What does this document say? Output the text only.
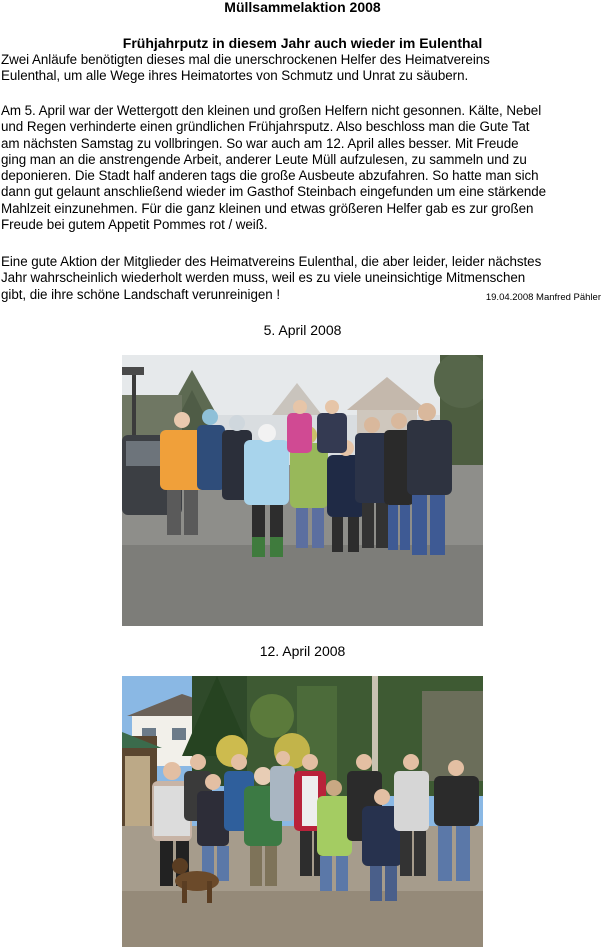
Müllsammelaktion 2008
Frühjahrputz in diesem Jahr auch wieder im Eulenthal

Zwei Anläufe benötigten dieses mal die unerschrockenen Helfer des Heimatvereins
Eulenthal, um alle Wege ihres Heimatortes von Schmutz und Unrat zu säubern.

Am 5. April war der Wettergott den kleinen und großen Helfern nicht gesonnen. Kälte, Nebel
und Regen verhinderte einen gründlichen Frühjahrsputz. Also beschloss man die Gute Tat
am nächsten Samstag zu vollbringen. So war auch am 12. April alles besser. Mit Freude
ging man an die anstrengende Arbeit, anderer Leute Müll aufzulesen, zu sammeln und zu
deponieren. Die Stadt half anderen tags die große Ausbeute abzufahren. So hatte man sich
dann gut gelaunt anschließend wieder im Gasthof Steinbach eingefunden um eine stärkende
Mahlzeit einzunehmen. Für die ganz kleinen und etwas größeren Helfer gab es zur großen
Freude bei gutem Appetit Pommes rot / weiß.

Eine gute Aktion der Mitglieder des Heimatvereins Eulenthal, die aber leider, leider nächstes
Jahr wahrscheinlich wiederholt werden muss, weil es zu viele uneinsichtige Mitmenschen
gibt, die ihre schöne Landschaft verunreinigen !	19.04.2008 Manfred Pähler
5. April 2008
12. April 2008
